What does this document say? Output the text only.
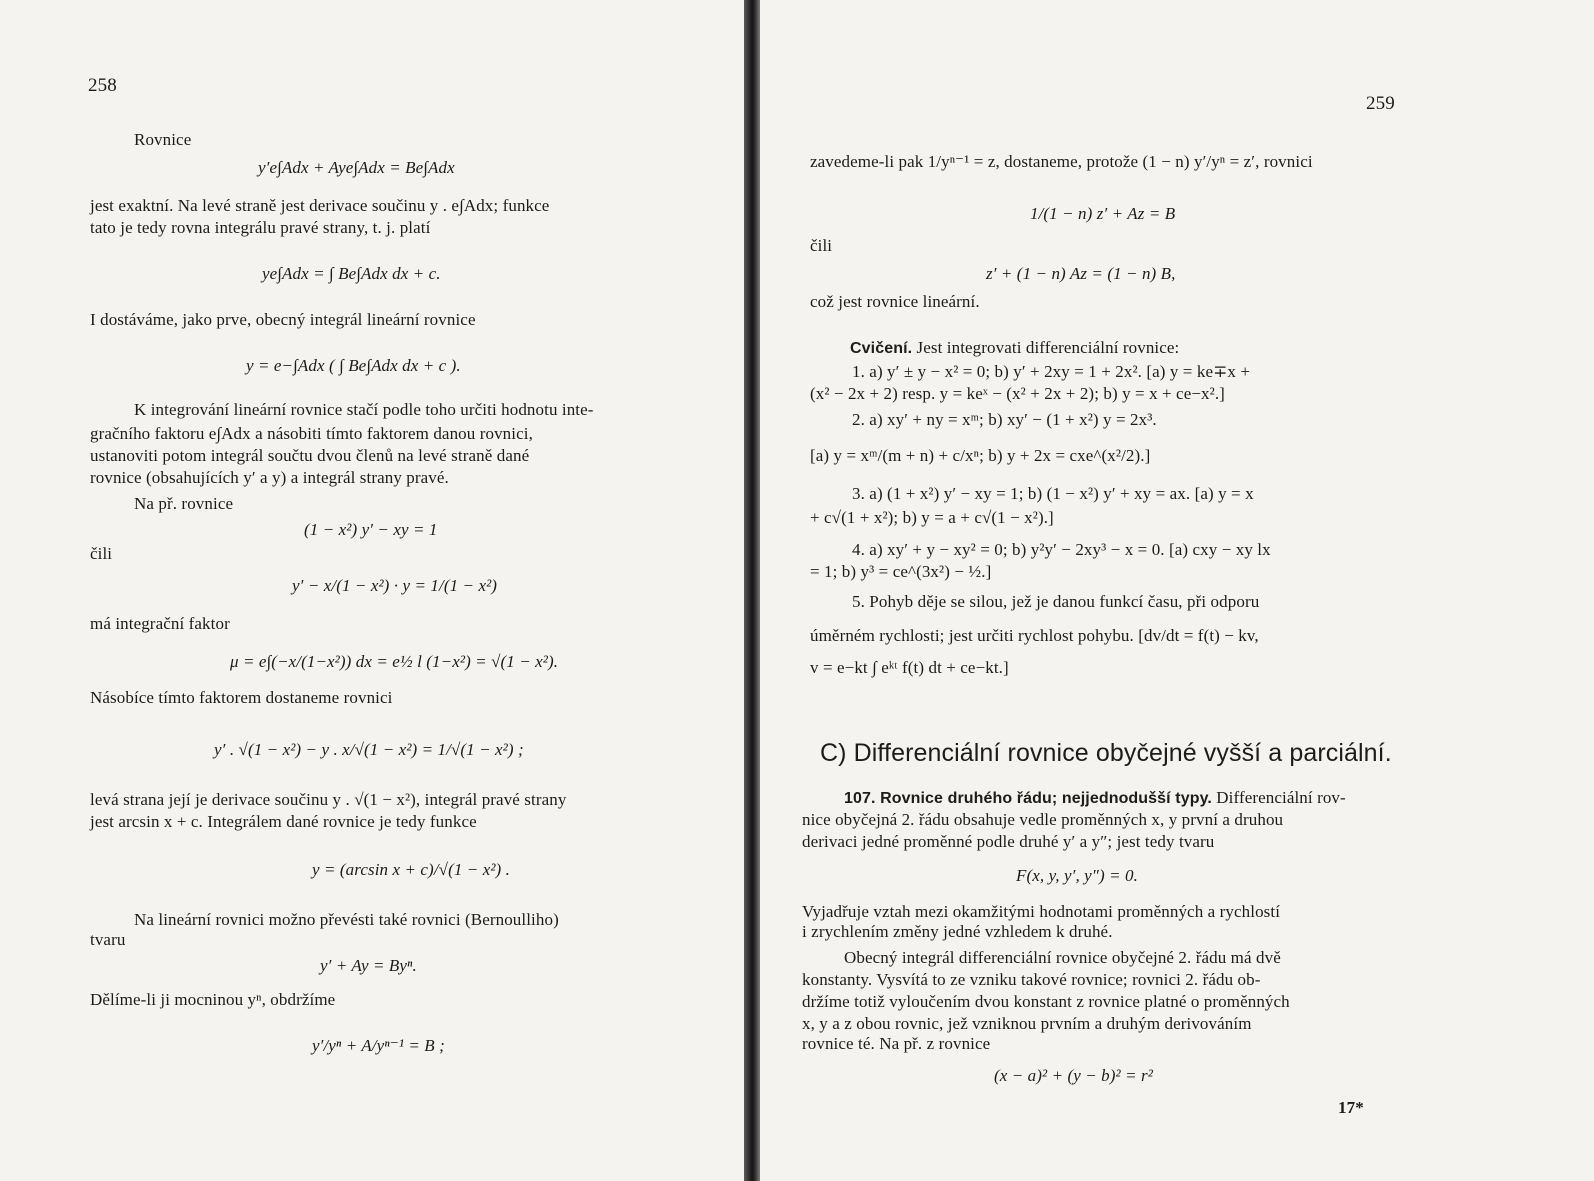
258

Rovnice

y′e∫Adx + Aye∫Adx = Be∫Adx

jest exaktní. Na levé straně jest derivace součinu y . e∫Adx; funkce

tato je tedy rovna integrálu pravé strany, t. j. platí

ye∫Adx = ∫ Be∫Adx dx + c.

I dostáváme, jako prve, obecný integrál lineární rovnice

y = e−∫Adx ( ∫ Be∫Adx dx + c ).

K integrování lineární rovnice stačí podle toho určiti hodnotu inte-

gračního faktoru e∫Adx a násobiti tímto faktorem danou rovnici,

ustanoviti potom integrál součtu dvou členů na levé straně dané

rovnice (obsahujících y′ a y) a integrál strany pravé.

Na př. rovnice

(1 − x²) y′ − xy = 1

čili

y′ − x/(1 − x²) · y = 1/(1 − x²)

má integrační faktor

μ = e∫(−x/(1−x²)) dx = e½ l (1−x²) = √(1 − x²).

Násobíce tímto faktorem dostaneme rovnici

y′ . √(1 − x²) − y . x/√(1 − x²) = 1/√(1 − x²) ;

levá strana její je derivace součinu y . √(1 − x²), integrál pravé strany

jest arcsin x + c. Integrálem dané rovnice je tedy funkce

y = (arcsin x + c)/√(1 − x²) .

Na lineární rovnici možno převésti také rovnici (Bernoulliho)

tvaru

y′ + Ay = Byⁿ.

Dělíme-li ji mocninou yⁿ, obdržíme

y′/yⁿ + A/yⁿ⁻¹ = B ;

259

zavedeme-li pak 1/yⁿ⁻¹ = z, dostaneme, protože (1 − n) y′/yⁿ = z′, rovnici

1/(1 − n) z′ + Az = B

čili

z′ + (1 − n) Az = (1 − n) B,

což jest rovnice lineární.

Cvičení. Jest integrovati differenciální rovnice:

1. a) y′ ± y − x² = 0; b) y′ + 2xy = 1 + 2x². [a) y = ke∓x +

(x² − 2x + 2) resp. y = keˣ − (x² + 2x + 2); b) y = x + ce−x².]

2. a) xy′ + ny = xᵐ; b) xy′ − (1 + x²) y = 2x³.

[a) y = xᵐ/(m + n) + c/xⁿ; b) y + 2x = cxe^(x²/2).]

3. a) (1 + x²) y′ − xy = 1; b) (1 − x²) y′ + xy = ax. [a) y = x

+ c√(1 + x²); b) y = a + c√(1 − x²).]

4. a) xy′ + y − xy² = 0; b) y²y′ − 2xy³ − x = 0. [a) cxy − xy lx

= 1; b) y³ = ce^(3x²) − ½.]

5. Pohyb děje se silou, jež je danou funkcí času, při odporu

úměrném rychlosti; jest určiti rychlost pohybu. [dv/dt = f(t) − kv,

v = e−kt ∫ eᵏᵗ f(t) dt + ce−kt.]

C) Differenciální rovnice obyčejné vyšší a parciální.

107. Rovnice druhého řádu; nejjednodušší typy. Differenciální rov-

nice obyčejná 2. řádu obsahuje vedle proměnných x, y první a druhou

derivaci jedné proměnné podle druhé y′ a y″; jest tedy tvaru

F(x, y, y′, y″) = 0.

Vyjadřuje vztah mezi okamžitými hodnotami proměnných a rychlostí

i zrychlením změny jedné vzhledem k druhé.

Obecný integrál differenciální rovnice obyčejné 2. řádu má dvě

konstanty. Vysvítá to ze vzniku takové rovnice; rovnici 2. řádu ob-

držíme totiž vyloučením dvou konstant z rovnice platné o proměnných

x, y a z obou rovnic, jež vzniknou prvním a druhým derivováním

rovnice té. Na př. z rovnice

(x − a)² + (y − b)² = r²

17*
